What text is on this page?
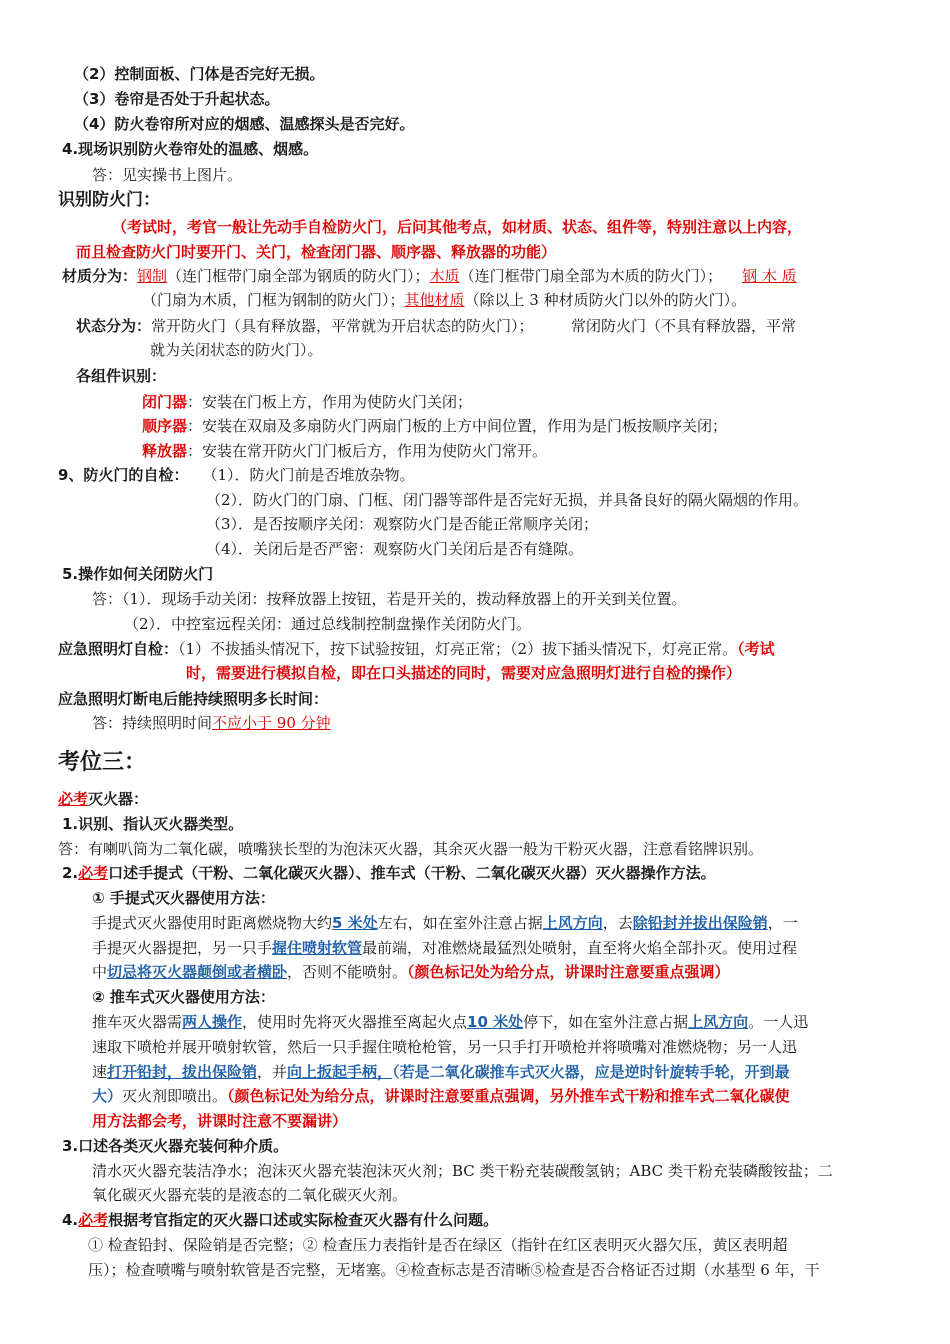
（2）控制面板、门体是否完好无损。
（3）卷帘是否处于升起状态。
（4）防火卷帘所对应的烟感、温感探头是否完好。
4.现场识别防火卷帘处的温感、烟感。
答：见实操书上图片。
识别防火门：
（考试时，考官一般让先动手自检防火门，后问其他考点，如材质、状态、组件等，特别注意以上内容，
而且检查防火门时要开门、关门，检查闭门器、顺序器、释放器的功能）
材质分为：钢制（连门框带门扇全部为钢质的防火门）；木质（连门框带门扇全部为木质的防火门）； 钢 木 质
（门扇为木质，门框为钢制的防火门）；其他材质（除以上 3 种材质防火门以外的防火门）。
状态分为：常开防火门（具有释放器，平常就为开启状态的防火门）；　　　常闭防火门（不具有释放器，平常
就为关闭状态的防火门）。
各组件识别：
闭门器：安装在门板上方，作用为使防火门关闭；
顺序器：安装在双扇及多扇防火门两扇门板的上方中间位置，作用为是门板按顺序关闭；
释放器：安装在常开防火门门板后方，作用为使防火门常开。
9、防火门的自检： （1）．防火门前是否堆放杂物。
（2）．防火门的门扇、门框、闭门器等部件是否完好无损，并具备良好的隔火隔烟的作用。
（3）．是否按顺序关闭：观察防火门是否能正常顺序关闭；
（4）．关闭后是否严密：观察防火门关闭后是否有缝隙。
5.操作如何关闭防火门
答：（1）．现场手动关闭：按释放器上按钮，若是开关的，拨动释放器上的开关到关位置。
（2）．中控室远程关闭：通过总线制控制盘操作关闭防火门。
应急照明灯自检：（1）不拔插头情况下，按下试验按钮，灯亮正常；（2）拔下插头情况下，灯亮正常。（考试
时，需要进行模拟自检，即在口头描述的同时，需要对应急照明灯进行自检的操作）
应急照明灯断电后能持续照明多长时间：
答：持续照明时间不应小于 90 分钟
考位三：
必考灭火器：
1.识别、指认灭火器类型。
答：有喇叭筒为二氧化碳，喷嘴狭长型的为泡沫灭火器，其余灭火器一般为干粉灭火器，注意看铭牌识别。
2.必考口述手提式（干粉、二氧化碳灭火器）、推车式（干粉、二氧化碳灭火器）灭火器操作方法。
① 手提式灭火器使用方法：
手提式灭火器使用时距离燃烧物大约5 米处左右，如在室外注意占据上风方向，去除铅封并拔出保险销，一
手提灭火器提把，另一只手握住喷射软管最前端，对准燃烧最猛烈处喷射，直至将火焰全部扑灭。使用过程
中切忌将灭火器颠倒或者横卧，否则不能喷射。（颜色标记处为给分点，讲课时注意要重点强调）
② 推车式灭火器使用方法：
推车灭火器需两人操作，使用时先将灭火器推至离起火点10 米处停下，如在室外注意占据上风方向。一人迅
速取下喷枪并展开喷射软管，然后一只手握住喷枪枪管，另一只手打开喷枪并将喷嘴对准燃烧物；另一人迅
速打开铅封，拔出保险销，并向上扳起手柄，（若是二氧化碳推车式灭火器，应是逆时针旋转手轮，开到最
大）灭火剂即喷出。（颜色标记处为给分点，讲课时注意要重点强调，另外推车式干粉和推车式二氧化碳使
用方法都会考，讲课时注意不要漏讲）
3.口述各类灭火器充装何种介质。
清水灭火器充装洁净水；泡沫灭火器充装泡沫灭火剂；BC 类干粉充装碳酸氢钠；ABC 类干粉充装磷酸铵盐；二
氧化碳灭火器充装的是液态的二氧化碳灭火剂。
4.必考根据考官指定的灭火器口述或实际检查灭火器有什么问题。
① 检查铅封、保险销是否完整；② 检查压力表指针是否在绿区（指针在红区表明灭火器欠压，黄区表明超
压）；检查喷嘴与喷射软管是否完整，无堵塞。④检查标志是否清晰⑤检查是否合格证否过期（水基型 6 年，干
